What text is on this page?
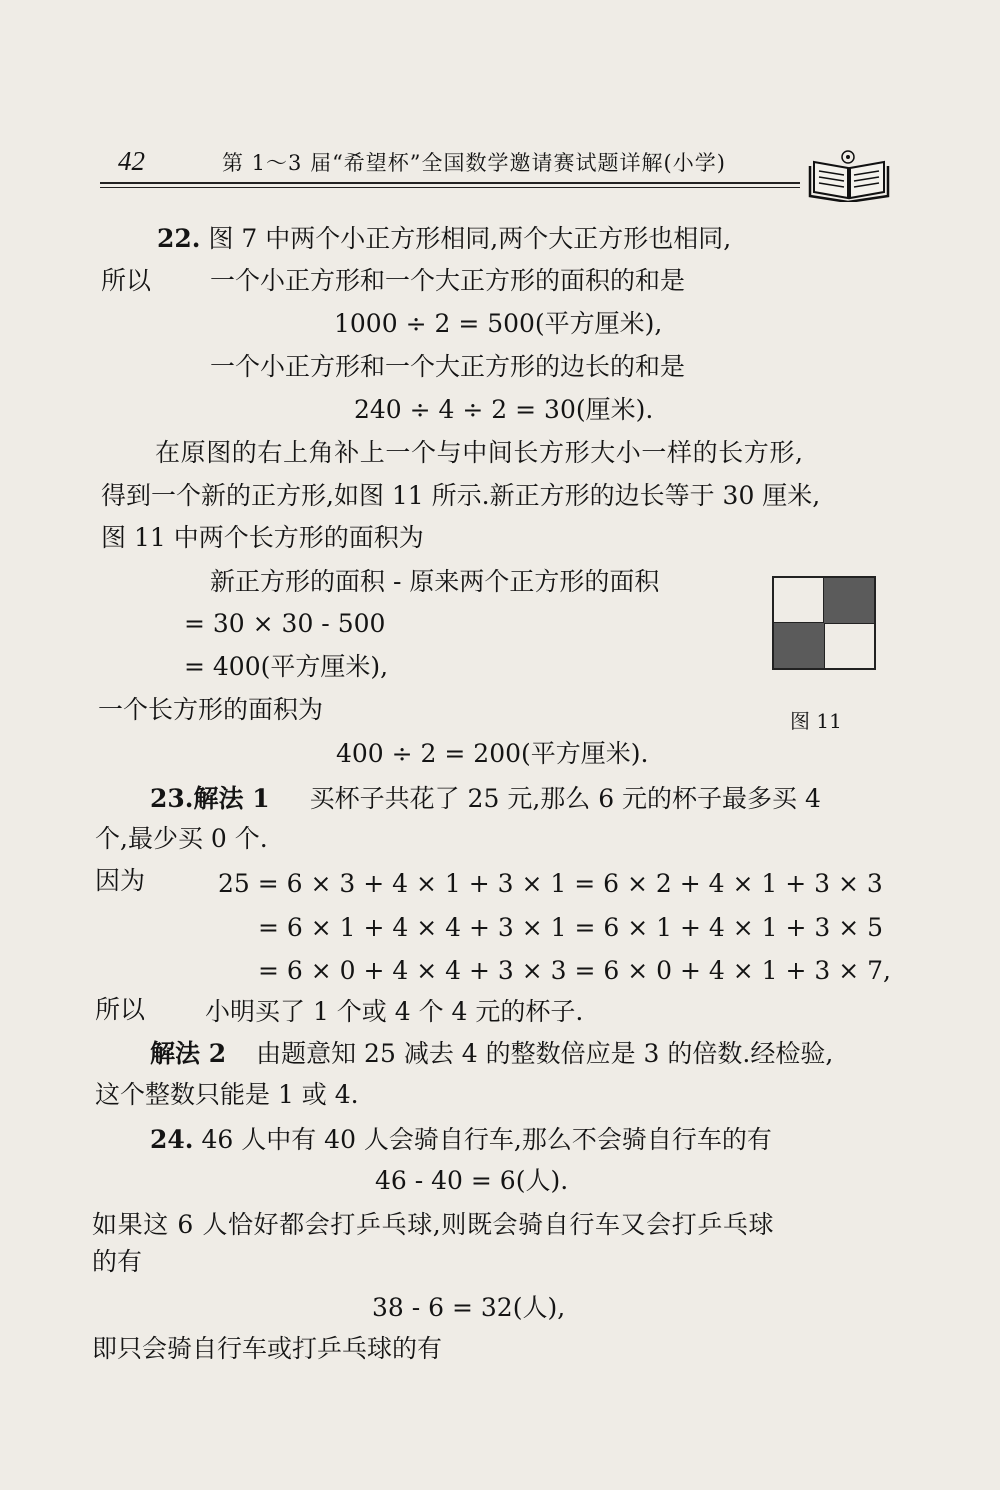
42	第 1～3 届“希望杯”全国数学邀请赛试题详解(小学)
22. 图 7 中两个小正方形相同,两个大正方形也相同,
所以 一个小正方形和一个大正方形的面积的和是
1000 ÷ 2 = 500(平方厘米),
一个小正方形和一个大正方形的边长的和是
240 ÷ 4 ÷ 2 = 30(厘米).
在原图的右上角补上一个与中间长方形大小一样的长方形,
得到一个新的正方形,如图 11 所示.新正方形的边长等于 30 厘米,
图 11 中两个长方形的面积为
新正方形的面积 - 原来两个正方形的面积
= 30 × 30 - 500
= 400(平方厘米),
一个长方形的面积为
400 ÷ 2 = 200(平方厘米).
图 11
23.解法 1 买杯子共花了 25 元,那么 6 元的杯子最多买 4
个,最少买 0 个.
因为	25 = 6 × 3 + 4 × 1 + 3 × 1 = 6 × 2 + 4 × 1 + 3 × 3
= 6 × 1 + 4 × 4 + 3 × 1 = 6 × 1 + 4 × 1 + 3 × 5
= 6 × 0 + 4 × 4 + 3 × 3 = 6 × 0 + 4 × 1 + 3 × 7,
所以 小明买了 1 个或 4 个 4 元的杯子.
解法 2 由题意知 25 减去 4 的整数倍应是 3 的倍数.经检验,
这个整数只能是 1 或 4.
24. 46 人中有 40 人会骑自行车,那么不会骑自行车的有
46 - 40 = 6(人).
如果这 6 人恰好都会打乒乓球,则既会骑自行车又会打乒乓球
的有
38 - 6 = 32(人),
即只会骑自行车或打乒乓球的有
